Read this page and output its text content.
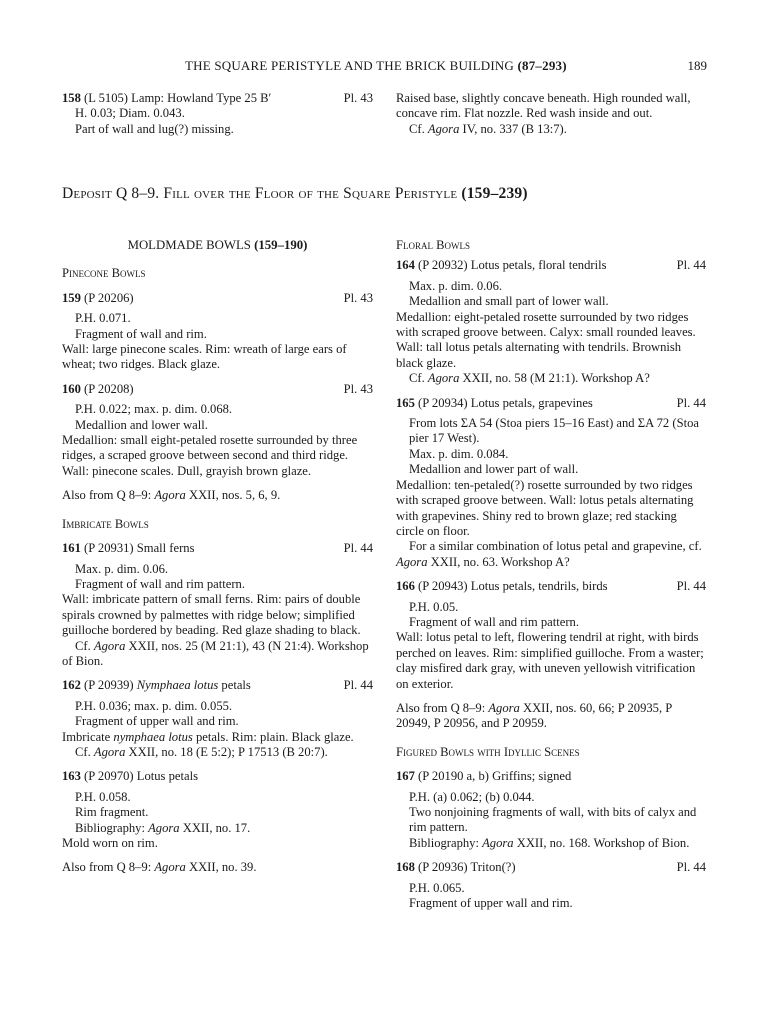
THE SQUARE PERISTYLE AND THE BRICK BUILDING (87–293)	189

158 (L 5105) Lamp: Howland Type 25 B′	Pl. 43

H. 0.03; Diam. 0.043.

Part of wall and lug(?) missing.

Raised base, slightly concave beneath. High rounded wall, concave rim. Flat nozzle. Red wash inside and out.

Cf. Agora IV, no. 337 (B 13:7).

Deposit Q 8–9. Fill over the Floor of the Square Peristyle (159–239)

MOLDMADE BOWLS (159–190)

Pinecone Bowls

159 (P 20206)	Pl. 43

P.H. 0.071.

Fragment of wall and rim.

Wall: large pinecone scales. Rim: wreath of large ears of wheat; two ridges. Black glaze.

160 (P 20208)	Pl. 43

P.H. 0.022; max. p. dim. 0.068.

Medallion and lower wall.

Medallion: small eight-petaled rosette surrounded by three ridges, a scraped groove between second and third ridge. Wall: pinecone scales. Dull, grayish brown glaze.

Also from Q 8–9: Agora XXII, nos. 5, 6, 9.

Imbricate Bowls

161 (P 20931) Small ferns	Pl. 44

Max. p. dim. 0.06.

Fragment of wall and rim pattern.

Wall: imbricate pattern of small ferns. Rim: pairs of double spirals crowned by palmettes with ridge below; simplified guilloche bordered by beading. Red glaze shading to black.

Cf. Agora XXII, nos. 25 (M 21:1), 43 (N 21:4). Workshop of Bion.

162 (P 20939) Nymphaea lotus petals	Pl. 44

P.H. 0.036; max. p. dim. 0.055.

Fragment of upper wall and rim.

Imbricate nymphaea lotus petals. Rim: plain. Black glaze.

Cf. Agora XXII, no. 18 (E 5:2); P 17513 (B 20:7).

163 (P 20970) Lotus petals

P.H. 0.058.

Rim fragment.

Bibliography: Agora XXII, no. 17.

Mold worn on rim.

Also from Q 8–9: Agora XXII, no. 39.

Floral Bowls

164 (P 20932) Lotus petals, floral tendrils	Pl. 44

Max. p. dim. 0.06.

Medallion and small part of lower wall.

Medallion: eight-petaled rosette surrounded by two ridges with scraped groove between. Calyx: small rounded leaves. Wall: tall lotus petals alternating with tendrils. Brownish black glaze.

Cf. Agora XXII, no. 58 (M 21:1). Workshop A?

165 (P 20934) Lotus petals, grapevines	Pl. 44

From lots ΣA 54 (Stoa piers 15–16 East) and ΣA 72 (Stoa pier 17 West).

Max. p. dim. 0.084.

Medallion and lower part of wall.

Medallion: ten-petaled(?) rosette surrounded by two ridges with scraped groove between. Wall: lotus petals alternating with grapevines. Shiny red to brown glaze; red stacking circle on floor.

For a similar combination of lotus petal and grapevine, cf. Agora XXII, no. 63. Workshop A?

166 (P 20943) Lotus petals, tendrils, birds	Pl. 44

P.H. 0.05.

Fragment of wall and rim pattern.

Wall: lotus petal to left, flowering tendril at right, with birds perched on leaves. Rim: simplified guilloche. From a waster; clay misfired dark gray, with uneven yellowish vitrification on exterior.

Also from Q 8–9: Agora XXII, nos. 60, 66; P 20935, P 20949, P 20956, and P 20959.

Figured Bowls with Idyllic Scenes

167 (P 20190 a, b) Griffins; signed

P.H. (a) 0.062; (b) 0.044.

Two nonjoining fragments of wall, with bits of calyx and rim pattern.

Bibliography: Agora XXII, no. 168. Workshop of Bion.

168 (P 20936) Triton(?)	Pl. 44

P.H. 0.065.

Fragment of upper wall and rim.
